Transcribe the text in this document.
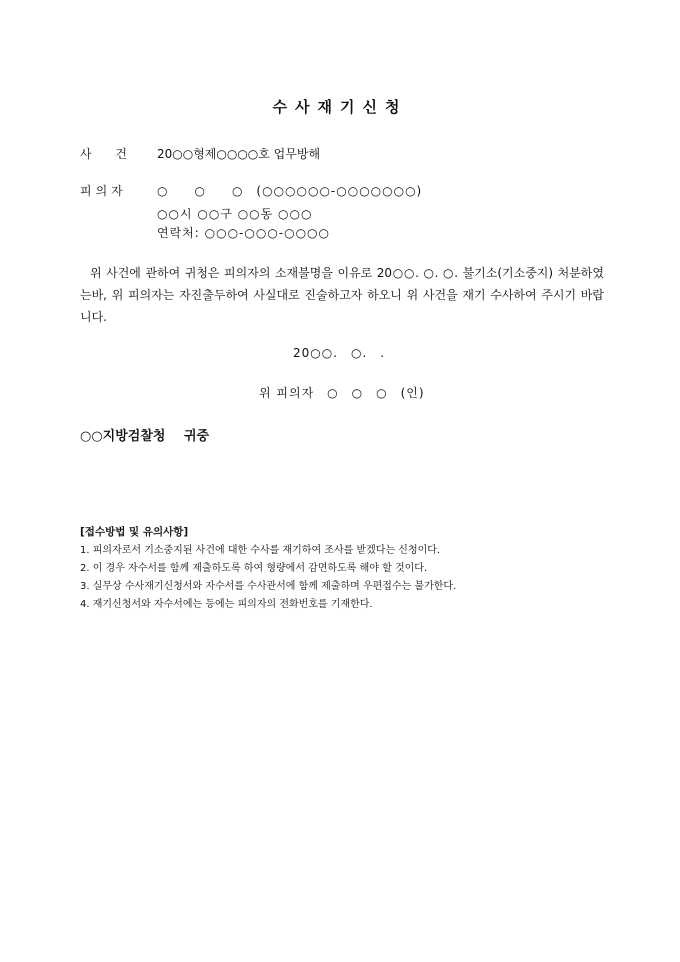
수사재기신청
사 건	20○○형제○○○○호 업무방해
피의자	○　　○　　○　(○○○○○○-○○○○○○○)
○○시 ○○구 ○○동 ○○○
연락처: ○○○-○○○-○○○○
위 사건에 관하여 귀청은 피의자의 소재불명을 이유로 20○○. ○. ○. 불기소(기소중지) 처분하였는바, 위 피의자는 자진출두하여 사실대로 진술하고자 하오니 위 사건을 재기 수사하여 주시기 바랍니다.
20○○.　○.　.
위 피의자　○　○　○　(인)
○○지방검찰청 귀중
[접수방법 및 유의사항]
1. 피의자로서 기소중지된 사건에 대한 수사를 재기하여 조사를 받겠다는 신청이다.
2. 이 경우 자수서를 함께 제출하도록 하여 형량에서 감면하도록 해야 할 것이다.
3. 실무상 수사재기신청서와 자수서를 수사관서에 함께 제출하며 우편접수는 불가한다.
4. 재기신청서와 자수서에는 등에는 피의자의 전화번호를 기재한다.
